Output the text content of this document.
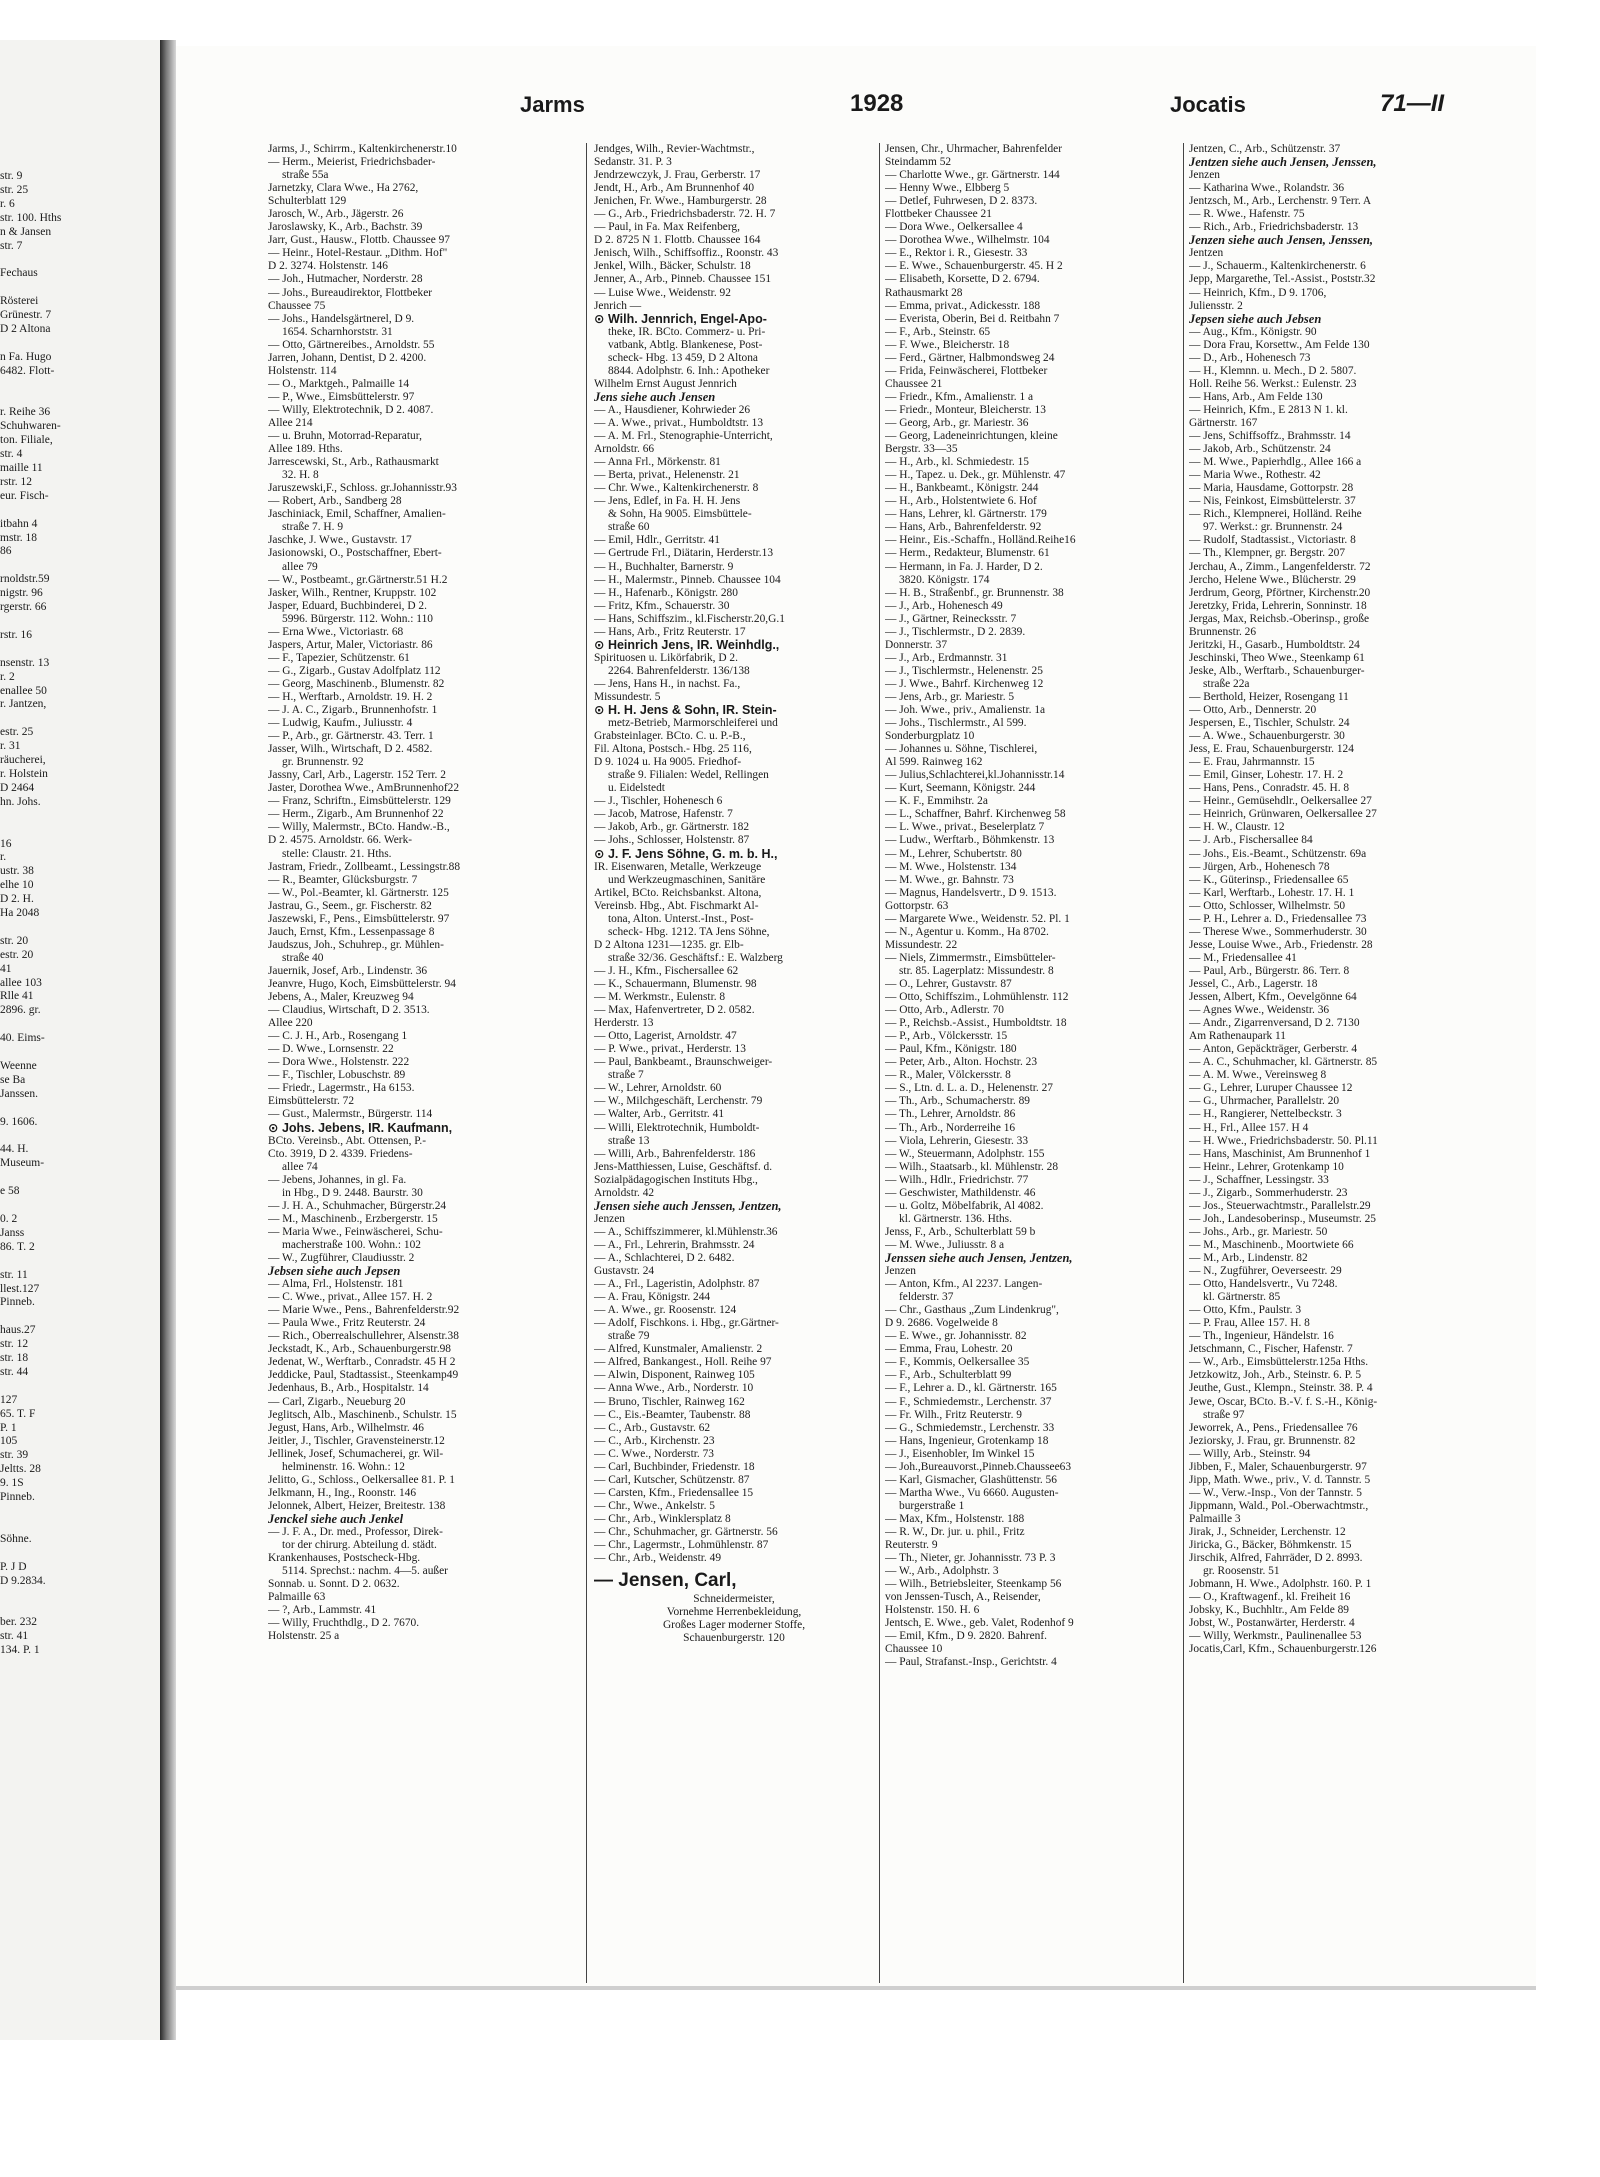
str. 9
str. 25
r. 6
str. 100. Hths
n & Jansen
str. 7

Fechaus

Rösterei
Grünestr. 7
D 2 Altona

n Fa. Hugo
6482. Flott-

r. Reihe 36
Schuhwaren-
ton. Filiale,
str. 4
maille 11
rstr. 12
eur. Fisch-

itbahn 4
mstr. 18
86

rnoldstr.59
nigstr. 96
rgerstr. 66

rstr. 16

nsenstr. 13
r. 2
enallee 50
r. Jantzen,

estr. 25
r. 31
räucherei,
r. Holstein
D 2464
hn. Johs.

16
r.
ustr. 38
elhe 10
D 2. H.
Ha 2048

str. 20
estr. 20
41
allee 103
Rlle 41
2896. gr.

40. Eims-

Weenne
se Ba
Janssen.

9. 1606.

44. H.
Museum-

e 58

0. 2
Janss
86. T. 2

str. 11
llest.127
Pinneb.

haus.27
str. 12
str. 18
str. 44

127
65. T. F
P. 1
105
str. 39
Jeltts. 28
9. 1S
Pinneb.

Söhne.

P. J D
D 9.2834.

ber. 232
str. 41
134. P. 1
Jarms	1928	Jocatis	71—II
Jarms, J., Schirrm., Kaltenkirchenerstr.10
— Herm., Meierist, Friedrichsbader-
straße 55a
Jarnetzky, Clara Wwe., Ha 2762,
Schulterblatt 129
Jarosch, W., Arb., Jägerstr. 26
Jaroslawsky, K., Arb., Bachstr. 39
Jarr, Gust., Hausw., Flottb. Chaussee 97
— Heinr., Hotel-Restaur. „Dithm. Hof"
D 2. 3274. Holstenstr. 146
— Joh., Hutmacher, Norderstr. 28
— Johs., Bureaudirektor, Flottbeker
Chaussee 75
— Johs., Handelsgärtnerel, D 9.
1654. Scharnhorststr. 31
— Otto, Gärtnereibes., Arnoldstr. 55
Jarren, Johann, Dentist, D 2. 4200.
Holstenstr. 114
— O., Marktgeh., Palmaille 14
— P., Wwe., Eimsbüttelerstr. 97
— Willy, Elektrotechnik, D 2. 4087.
Allee 214
— u. Bruhn, Motorrad-Reparatur,
Allee 189. Hths.
Jarrescewski, St., Arb., Rathausmarkt
32. H. 8
Jaruszewski,F., Schloss. gr.Johannisstr.93
— Robert, Arb., Sandberg 28
Jaschiniack, Emil, Schaffner, Amalien-
straße 7. H. 9
Jaschke, J. Wwe., Gustavstr. 17
Jasionowski, O., Postschaffner, Ebert-
allee 79
— W., Postbeamt., gr.Gärtnerstr.51 H.2
Jasker, Wilh., Rentner, Kruppstr. 102
Jasper, Eduard, Buchbinderei, D 2.
5996. Bürgerstr. 112. Wohn.: 110
— Erna Wwe., Victoriastr. 68
Jaspers, Artur, Maler, Victoriastr. 86
— F., Tapezier, Schützenstr. 61
— G., Zigarb., Gustav Adolfplatz 112
— Georg, Maschinenb., Blumenstr. 82
— H., Werftarb., Arnoldstr. 19. H. 2
— J. A. C., Zigarb., Brunnenhofstr. 1
— Ludwig, Kaufm., Juliusstr. 4
— P., Arb., gr. Gärtnerstr. 43. Terr. 1
Jasser, Wilh., Wirtschaft, D 2. 4582.
gr. Brunnenstr. 92
Jassny, Carl, Arb., Lagerstr. 152 Terr. 2
Jaster, Dorothea Wwe., AmBrunnenhof22
— Franz, Schriftn., Eimsbüttelerstr. 129
— Herm., Zigarb., Am Brunnenhof 22
— Willy, Malermstr., BCto. Handw.-B.,
D 2. 4575. Arnoldstr. 66. Werk-
stelle: Claustr. 21. Hths.
Jastram, Friedr., Zollbeamt., Lessingstr.88
— R., Beamter, Glücksburgstr. 7
— W., Pol.-Beamter, kl. Gärtnerstr. 125
Jastrau, G., Seem., gr. Fischerstr. 82
Jaszewski, F., Pens., Eimsbüttelerstr. 97
Jauch, Ernst, Kfm., Lessenpassage 8
Jaudszus, Joh., Schuhrep., gr. Mühlen-
straße 40
Jauernik, Josef, Arb., Lindenstr. 36
Jeanvre, Hugo, Koch, Eimsbüttelerstr. 94
Jebens, A., Maler, Kreuzweg 94
— Claudius, Wirtschaft, D 2. 3513.
Allee 220
— C. J. H., Arb., Rosengang 1
— D. Wwe., Lornsenstr. 22
— Dora Wwe., Holstenstr. 222
— F., Tischler, Lobuschstr. 89
— Friedr., Lagermstr., Ha 6153.
Eimsbüttelerstr. 72
— Gust., Malermstr., Bürgerstr. 114
⊙ Johs. Jebens, IR. Kaufmann,
BCto. Vereinsb., Abt. Ottensen, P.-
Cto. 3919, D 2. 4339. Friedens-
allee 74
— Jebens, Johannes, in gl. Fa.
in Hbg., D 9. 2448. Baurstr. 30
— J. H. A., Schuhmacher, Bürgerstr.24
— M., Maschinenb., Erzbergerstr. 15
— Maria Wwe., Feinwäscherei, Schu-
macherstraße 100. Wohn.: 102
— W., Zugführer, Claudiusstr. 2
Jebsen siehe auch Jepsen
— Alma, Frl., Holstenstr. 181
— C. Wwe., privat., Allee 157. H. 2
— Marie Wwe., Pens., Bahrenfelderstr.92
— Paula Wwe., Fritz Reuterstr. 24
— Rich., Oberrealschullehrer, Alsenstr.38
Jeckstadt, K., Arb., Schauenburgerstr.98
Jedenat, W., Werftarb., Conradstr. 45 H 2
Jeddicke, Paul, Stadtassist., Steenkamp49
Jedenhaus, B., Arb., Hospitalstr. 14
— Carl, Zigarb., Neueburg 20
Jeglitsch, Alb., Maschinenb., Schulstr. 15
Jegust, Hans, Arb., Wilhelmstr. 46
Jeitler, J., Tischler, Gravensteinerstr.12
Jellinek, Josef, Schumacherei, gr. Wil-
helminenstr. 16. Wohn.: 12
Jelitto, G., Schloss., Oelkersallee 81. P. 1
Jelkmann, H., Ing., Roonstr. 146
Jelonnek, Albert, Heizer, Breitestr. 138
Jenckel siehe auch Jenkel
— J. F. A., Dr. med., Professor, Direk-
tor der chirurg. Abteilung d. städt.
Krankenhauses, Postscheck-Hbg.
5114. Sprechst.: nachm. 4—5. außer
Sonnab. u. Sonnt. D 2. 0632.
Palmaille 63
— ?, Arb., Lammstr. 41
— Willy, Fruchthdlg., D 2. 7670.
Holstenstr. 25 a
Jendges, Wilh., Revier-Wachtmstr.,
Sedanstr. 31. P. 3
Jendrzewczyk, J. Frau, Gerberstr. 17
Jendt, H., Arb., Am Brunnenhof 40
Jenichen, Fr. Wwe., Hamburgerstr. 28
— G., Arb., Friedrichsbaderstr. 72. H. 7
— Paul, in Fa. Max Reifenberg,
D 2. 8725 N 1. Flottb. Chaussee 164
Jenisch, Wilh., Schiffsoffiz., Roonstr. 43
Jenkel, Wilh., Bäcker, Schulstr. 18
Jenner, A., Arb., Pinneb. Chaussee 151
— Luise Wwe., Weidenstr. 92
Jenrich —
⊙ Wilh. Jennrich, Engel-Apo-
theke, IR. BCto. Commerz- u. Pri-
vatbank, Abtlg. Blankenese, Post-
scheck- Hbg. 13 459, D 2 Altona
8844. Adolphstr. 6. Inh.: Apotheker
Wilhelm Ernst August Jennrich
Jens siehe auch Jensen
— A., Hausdiener, Kohrwieder 26
— A. Wwe., privat., Humboldtstr. 13
— A. M. Frl., Stenographie-Unterricht,
Arnoldstr. 66
— Anna Frl., Mörkenstr. 81
— Berta, privat., Helenenstr. 21
— Chr. Wwe., Kaltenkirchenerstr. 8
— Jens, Edlef, in Fa. H. H. Jens
& Sohn, Ha 9005. Eimsbüttele-
straße 60
— Emil, Hdlr., Gerritstr. 41
— Gertrude Frl., Diätarin, Herderstr.13
— H., Buchhalter, Barnerstr. 9
— H., Malermstr., Pinneb. Chaussee 104
— H., Hafenarb., Königstr. 280
— Fritz, Kfm., Schauerstr. 30
— Hans, Schiffszim., kl.Fischerstr.20,G.1
— Hans, Arb., Fritz Reuterstr. 17
⊙ Heinrich Jens, IR. Weinhdlg.,
Spirituosen u. Likörfabrik, D 2.
2264. Bahrenfelderstr. 136/138
— Jens, Hans H., in nachst. Fa.,
Missundestr. 5
⊙ H. H. Jens & Sohn, IR. Stein-
metz-Betrieb, Marmorschleiferei und
Grabsteinlager. BCto. C. u. P.-B.,
Fil. Altona, Postsch.- Hbg. 25 116,
D 9. 1024 u. Ha 9005. Friedhof-
straße 9. Filialen: Wedel, Rellingen
u. Eidelstedt
— J., Tischler, Hohenesch 6
— Jacob, Matrose, Hafenstr. 7
— Jakob, Arb., gr. Gärtnerstr. 182
— Johs., Schlosser, Holstenstr. 87
⊙ J. F. Jens Söhne, G. m. b. H.,
IR. Eisenwaren, Metalle, Werkzeuge
und Werkzeugmaschinen, Sanitäre
Artikel, BCto. Reichsbankst. Altona,
Vereinsb. Hbg., Abt. Fischmarkt Al-
tona, Alton. Unterst.-Inst., Post-
scheck- Hbg. 1212. TA Jens Söhne,
D 2 Altona 1231—1235. gr. Elb-
straße 32/36. Geschäftsf.: E. Walzberg
— J. H., Kfm., Fischersallee 62
— K., Schauermann, Blumenstr. 98
— M. Werkmstr., Eulenstr. 8
— Max, Hafenvertreter, D 2. 0582.
Herderstr. 13
— Otto, Lagerist, Arnoldstr. 47
— P. Wwe., privat., Herderstr. 13
— Paul, Bankbeamt., Braunschweiger-
straße 7
— W., Lehrer, Arnoldstr. 60
— W., Milchgeschäft, Lerchenstr. 79
— Walter, Arb., Gerritstr. 41
— Willi, Elektrotechnik, Humboldt-
straße 13
— Willi, Arb., Bahrenfelderstr. 186
Jens-Matthiessen, Luise, Geschäftsf. d.
Sozialpädagogischen Instituts Hbg.,
Arnoldstr. 42
Jensen siehe auch Jenssen, Jentzen,
Jenzen
— A., Schiffszimmerer, kl.Mühlenstr.36
— A., Frl., Lehrerin, Brahmsstr. 24
— A., Schlachterei, D 2. 6482.
Gustavstr. 24
— A., Frl., Lageristin, Adolphstr. 87
— A. Frau, Königstr. 244
— A. Wwe., gr. Roosenstr. 124
— Adolf, Fischkons. i. Hbg., gr.Gärtner-
straße 79
— Alfred, Kunstmaler, Amalienstr. 2
— Alfred, Bankangest., Holl. Reihe 97
— Alwin, Disponent, Rainweg 105
— Anna Wwe., Arb., Norderstr. 10
— Bruno, Tischler, Rainweg 162
— C., Eis.-Beamter, Taubenstr. 88
— C., Arb., Gustavstr. 62
— C., Arb., Kirchenstr. 23
— C. Wwe., Norderstr. 73
— Carl, Buchbinder, Friedenstr. 18
— Carl, Kutscher, Schützenstr. 87
— Carsten, Kfm., Friedensallee 15
— Chr., Wwe., Ankelstr. 5
— Chr., Arb., Winklersplatz 8
— Chr., Schuhmacher, gr. Gärtnerstr. 56
— Chr., Lagermstr., Lohmühlenstr. 87
— Chr., Arb., Weidenstr. 49
— Jensen, Carl,
Schneidermeister,
Vornehme Herrenbekleidung,
Großes Lager moderner Stoffe,
Schauenburgerstr. 120
Jensen, Chr., Uhrmacher, Bahrenfelder
Steindamm 52
— Charlotte Wwe., gr. Gärtnerstr. 144
— Henny Wwe., Elbberg 5
— Detlef, Fuhrwesen, D 2. 8373.
Flottbeker Chaussee 21
— Dora Wwe., Oelkersallee 4
— Dorothea Wwe., Wilhelmstr. 104
— E., Rektor i. R., Giesestr. 33
— E. Wwe., Schauenburgerstr. 45. H 2
— Elisabeth, Korsette, D 2. 6794.
Rathausmarkt 28
— Emma, privat., Adickesstr. 188
— Everista, Oberin, Bei d. Reitbahn 7
— F., Arb., Steinstr. 65
— F. Wwe., Bleicherstr. 18
— Ferd., Gärtner, Halbmondsweg 24
— Frida, Feinwäscherei, Flottbeker
Chaussee 21
— Friedr., Kfm., Amalienstr. 1 a
— Friedr., Monteur, Bleicherstr. 13
— Georg, Arb., gr. Mariestr. 36
— Georg, Ladeneinrichtungen, kleine
Bergstr. 33—35
— H., Arb., kl. Schmiedestr. 15
— H., Tapez. u. Dek., gr. Mühlenstr. 47
— H., Bankbeamt., Königstr. 244
— H., Arb., Holstentwiete 6. Hof
— Hans, Lehrer, kl. Gärtnerstr. 179
— Hans, Arb., Bahrenfelderstr. 92
— Heinr., Eis.-Schaffn., Holländ.Reihe16
— Herm., Redakteur, Blumenstr. 61
— Hermann, in Fa. J. Harder, D 2.
3820. Königstr. 174
— H. B., Straßenbf., gr. Brunnenstr. 38
— J., Arb., Hohenesch 49
— J., Gärtner, Reinecksstr. 7
— J., Tischlermstr., D 2. 2839.
Donnerstr. 37
— J., Arb., Erdmannstr. 31
— J., Tischlermstr., Helenenstr. 25
— J. Wwe., Bahrf. Kirchenweg 12
— Jens, Arb., gr. Mariestr. 5
— Joh. Wwe., priv., Amalienstr. 1a
— Johs., Tischlermstr., Al 599.
Sonderburgplatz 10
— Johannes u. Söhne, Tischlerei,
Al 599. Rainweg 162
— Julius,Schlachterei,kl.Johannisstr.14
— Kurt, Seemann, Königstr. 244
— K. F., Emmihstr. 2a
— L., Schaffner, Bahrf. Kirchenweg 58
— L. Wwe., privat., Beselerplatz 7
— Ludw., Werftarb., Böhmkenstr. 13
— M., Lehrer, Schubertstr. 80
— M. Wwe., Holstenstr. 134
— M. Wwe., gr. Bahnstr. 73
— Magnus, Handelsvertr., D 9. 1513.
Gottorpstr. 63
— Margarete Wwe., Weidenstr. 52. Pl. 1
— N., Agentur u. Komm., Ha 8702.
Missundestr. 22
— Niels, Zimmermstr., Eimsbütteler-
str. 85. Lagerplatz: Missundestr. 8
— O., Lehrer, Gustavstr. 87
— Otto, Schiffszim., Lohmühlenstr. 112
— Otto, Arb., Adlerstr. 70
— P., Reichsb.-Assist., Humboldtstr. 18
— P., Arb., Völckersstr. 15
— Paul, Kfm., Königstr. 180
— Peter, Arb., Alton. Hochstr. 23
— R., Maler, Völckersstr. 8
— S., Ltn. d. L. a. D., Helenenstr. 27
— Th., Arb., Schumacherstr. 89
— Th., Lehrer, Arnoldstr. 86
— Th., Arb., Norderreihe 16
— Viola, Lehrerin, Giesestr. 33
— W., Steuermann, Adolphstr. 155
— Wilh., Staatsarb., kl. Mühlenstr. 28
— Wilh., Hdlr., Friedrichstr. 77
— Geschwister, Mathildenstr. 46
— u. Goltz, Möbelfabrik, Al 4082.
kl. Gärtnerstr. 136. Hths.
Jenss, F., Arb., Schulterblatt 59 b
— M. Wwe., Juliusstr. 8 a
Jenssen siehe auch Jensen, Jentzen,
Jenzen
— Anton, Kfm., Al 2237. Langen-
felderstr. 37
— Chr., Gasthaus „Zum Lindenkrug",
D 9. 2686. Vogelweide 8
— E. Wwe., gr. Johannisstr. 82
— Emma, Frau, Lohestr. 20
— F., Kommis, Oelkersallee 35
— F., Arb., Schulterblatt 99
— F., Lehrer a. D., kl. Gärtnerstr. 165
— F., Schmiedemstr., Lerchenstr. 37
— Fr. Wilh., Fritz Reuterstr. 9
— G., Schmiedemstr., Lerchenstr. 33
— Hans, Ingenieur, Grotenkamp 18
— J., Eisenhobler, Im Winkel 15
— Joh.,Bureauvorst.,Pinneb.Chaussee63
— Karl, Gismacher, Glashüttenstr. 56
— Martha Wwe., Vu 6660. Augusten-
burgerstraße 1
— Max, Kfm., Holstenstr. 188
— R. W., Dr. jur. u. phil., Fritz
Reuterstr. 9
— Th., Nieter, gr. Johannisstr. 73 P. 3
— W., Arb., Adolphstr. 3
— Wilh., Betriebsleiter, Steenkamp 56
von Jenssen-Tusch, A., Reisender,
Holstenstr. 150. H. 6
Jentsch, E. Wwe., geb. Valet, Rodenhof 9
— Emil, Kfm., D 9. 2820. Bahrenf.
Chaussee 10
— Paul, Strafanst.-Insp., Gerichtstr. 4
Jentzen, C., Arb., Schützenstr. 37
Jentzen siehe auch Jensen, Jenssen,
Jenzen
— Katharina Wwe., Rolandstr. 36
Jentzsch, M., Arb., Lerchenstr. 9 Terr. A
— R. Wwe., Hafenstr. 75
— Rich., Arb., Friedrichsbaderstr. 13
Jenzen siehe auch Jensen, Jenssen,
Jentzen
— J., Schauerm., Kaltenkirchenerstr. 6
Jepp, Margarethe, Tel.-Assist., Poststr.32
— Heinrich, Kfm., D 9. 1706,
Juliensstr. 2
Jepsen siehe auch Jebsen
— Aug., Kfm., Königstr. 90
— Dora Frau, Korsettw., Am Felde 130
— D., Arb., Hohenesch 73
— H., Klemnn. u. Mech., D 2. 5807.
Holl. Reihe 56. Werkst.: Eulenstr. 23
— Hans, Arb., Am Felde 130
— Heinrich, Kfm., E 2813 N 1. kl.
Gärtnerstr. 167
— Jens, Schiffsoffz., Brahmsstr. 14
— Jakob, Arb., Schützenstr. 24
— M. Wwe., Papierhdlg., Allee 166 a
— Maria Wwe., Rothestr. 42
— Maria, Hausdame, Gottorpstr. 28
— Nis, Feinkost, Eimsbüttelerstr. 37
— Rich., Klempnerei, Holländ. Reihe
97. Werkst.: gr. Brunnenstr. 24
— Rudolf, Stadtassist., Victoriastr. 8
— Th., Klempner, gr. Bergstr. 207
Jerchau, A., Zimm., Langenfelderstr. 72
Jercho, Helene Wwe., Blücherstr. 29
Jerdrum, Georg, Pförtner, Kirchenstr.20
Jeretzky, Frida, Lehrerin, Sonninstr. 18
Jergas, Max, Reichsb.-Oberinsp., große
Brunnenstr. 26
Jeritzki, H., Gasarb., Humboldtstr. 24
Jeschinski, Theo Wwe., Steenkamp 61
Jeske, Alb., Werftarb., Schauenburger-
straße 22a
— Berthold, Heizer, Rosengang 11
— Otto, Arb., Dennerstr. 20
Jespersen, E., Tischler, Schulstr. 24
— A. Wwe., Schauenburgerstr. 30
Jess, E. Frau, Schauenburgerstr. 124
— E. Frau, Jahrmannstr. 15
— Emil, Ginser, Lohestr. 17. H. 2
— Hans, Pens., Conradstr. 45. H. 8
— Heinr., Gemüsehdlr., Oelkersallee 27
— Heinrich, Grünwaren, Oelkersallee 27
— H. W., Claustr. 12
— J. Arb., Fischersallee 84
— Johs., Eis.-Beamt., Schützenstr. 69a
— Jürgen, Arb., Hohenesch 78
— K., Güterinsp., Friedensallee 65
— Karl, Werftarb., Lohestr. 17. H. 1
— Otto, Schlosser, Wilhelmstr. 50
— P. H., Lehrer a. D., Friedensallee 73
— Therese Wwe., Sommerhuderstr. 30
Jesse, Louise Wwe., Arb., Friedenstr. 28
— M., Friedensallee 41
— Paul, Arb., Bürgerstr. 86. Terr. 8
Jessel, C., Arb., Lagerstr. 18
Jessen, Albert, Kfm., Oevelgönne 64
— Agnes Wwe., Weidenstr. 36
— Andr., Zigarrenversand, D 2. 7130
Am Rathenaupark 11
— Anton, Gepäckträger, Gerberstr. 4
— A. C., Schuhmacher, kl. Gärtnerstr. 85
— A. M. Wwe., Vereinsweg 8
— G., Lehrer, Luruper Chaussee 12
— G., Uhrmacher, Parallelstr. 20
— H., Rangierer, Nettelbeckstr. 3
— H., Frl., Allee 157. H 4
— H. Wwe., Friedrichsbaderstr. 50. Pl.11
— Hans, Maschinist, Am Brunnenhof 1
— Heinr., Lehrer, Grotenkamp 10
— J., Schaffner, Lessingstr. 33
— J., Zigarb., Sommerhuderstr. 23
— Jos., Steuerwachtmstr., Parallelstr.29
— Joh., Landesoberinsp., Museumstr. 25
— Johs., Arb., gr. Mariestr. 50
— M., Maschinenb., Moortwiete 66
— M., Arb., Lindenstr. 82
— N., Zugführer, Oeverseestr. 29
— Otto, Handelsvertr., Vu 7248.
kl. Gärtnerstr. 85
— Otto, Kfm., Paulstr. 3
— P. Frau, Allee 157. H. 8
— Th., Ingenieur, Händelstr. 16
Jetschmann, C., Fischer, Hafenstr. 7
— W., Arb., Eimsbüttelerstr.125a Hths.
Jetzkowitz, Joh., Arb., Steinstr. 6. P. 5
Jeuthe, Gust., Klempn., Steinstr. 38. P. 4
Jewe, Oscar, BCto. B.-V. f. S.-H., König-
straße 97
Jeworrek, A., Pens., Friedensallee 76
Jeziorsky, J. Frau, gr. Brunnenstr. 82
— Willy, Arb., Steinstr. 94
Jibben, F., Maler, Schauenburgerstr. 97
Jipp, Math. Wwe., priv., V. d. Tannstr. 5
— W., Verw.-Insp., Von der Tannstr. 5
Jippmann, Wald., Pol.-Oberwachtmstr.,
Palmaille 3
Jirak, J., Schneider, Lerchenstr. 12
Jiricka, G., Bäcker, Böhmkenstr. 15
Jirschik, Alfred, Fahrräder, D 2. 8993.
gr. Roosenstr. 51
Jobmann, H. Wwe., Adolphstr. 160. P. 1
— O., Kraftwagenf., kl. Freiheit 16
Jobsky, K., Buchhltr., Am Felde 89
Jobst, W., Postanwärter, Herderstr. 4
— Willy, Werkmstr., Paulinenallee 53
Jocatis,Carl, Kfm., Schauenburgerstr.126
